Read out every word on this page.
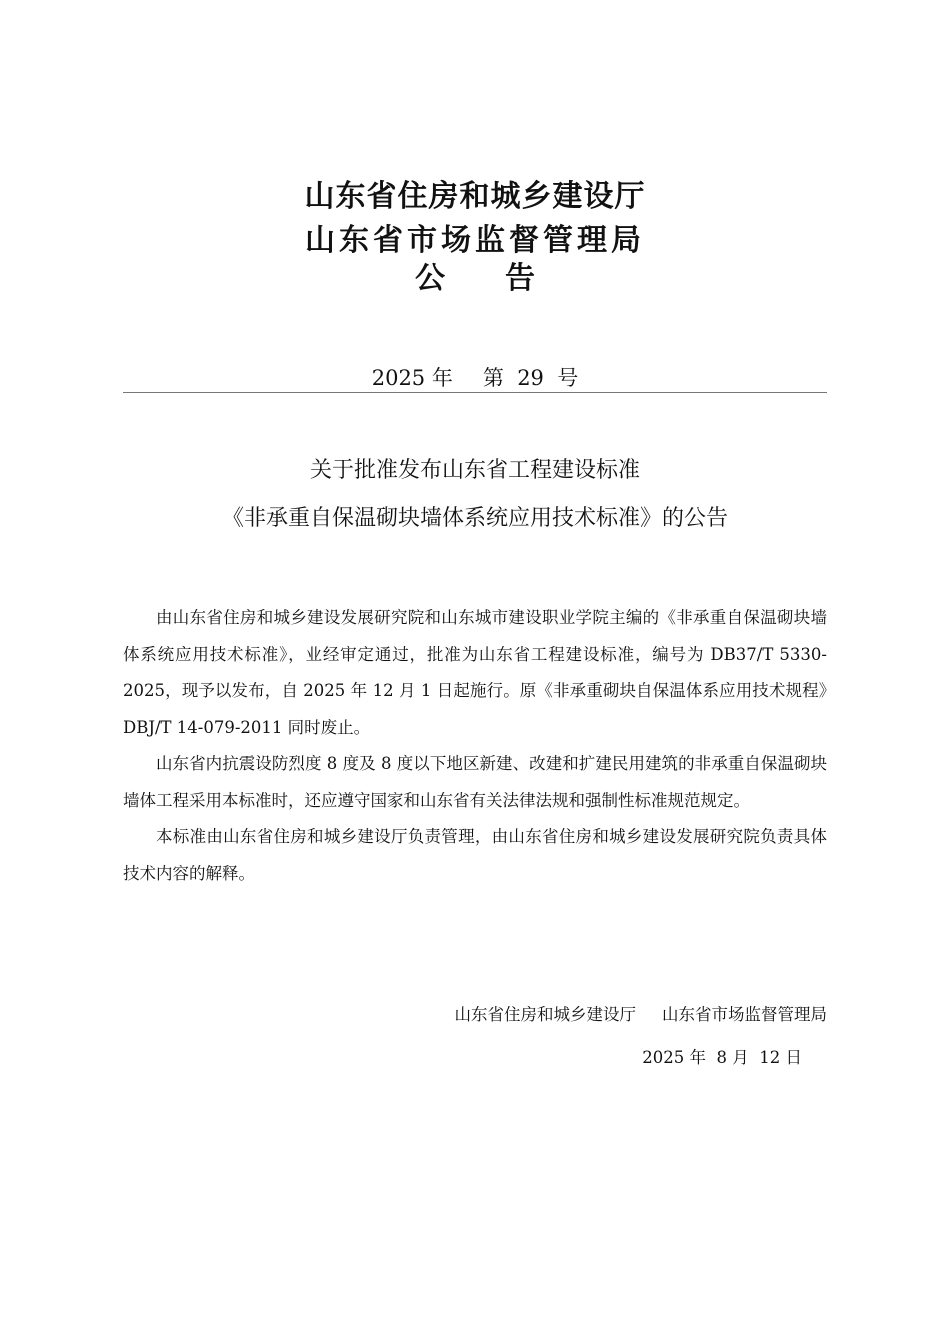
山东省住房和城乡建设厅
山东省市场监督管理局
公 告
2025 年 第  29  号
关于批准发布山东省工程建设标准
《非承重自保温砌块墙体系统应用技术标准》的公告

由山东省住房和城乡建设发展研究院和山东城市建设职业学院主编的《非承重自保温砌块墙体系统应用技术标准》，业经审定通过，批准为山东省工程建设标准，编号为 DB37/T 5330-2025，现予以发布，自 2025 年 12 月 1 日起施行。原《非承重砌块自保温体系应用技术规程》DBJ/T 14-079-2011 同时废止。

山东省内抗震设防烈度 8 度及 8 度以下地区新建、改建和扩建民用建筑的非承重自保温砌块墙体工程采用本标准时，还应遵守国家和山东省有关法律法规和强制性标准规范规定。

本标准由山东省住房和城乡建设厅负责管理，由山东省住房和城乡建设发展研究院负责具体技术内容的解释。

山东省住房和城乡建设厅 山东省市场监督管理局
2025 年  8 月  12 日
